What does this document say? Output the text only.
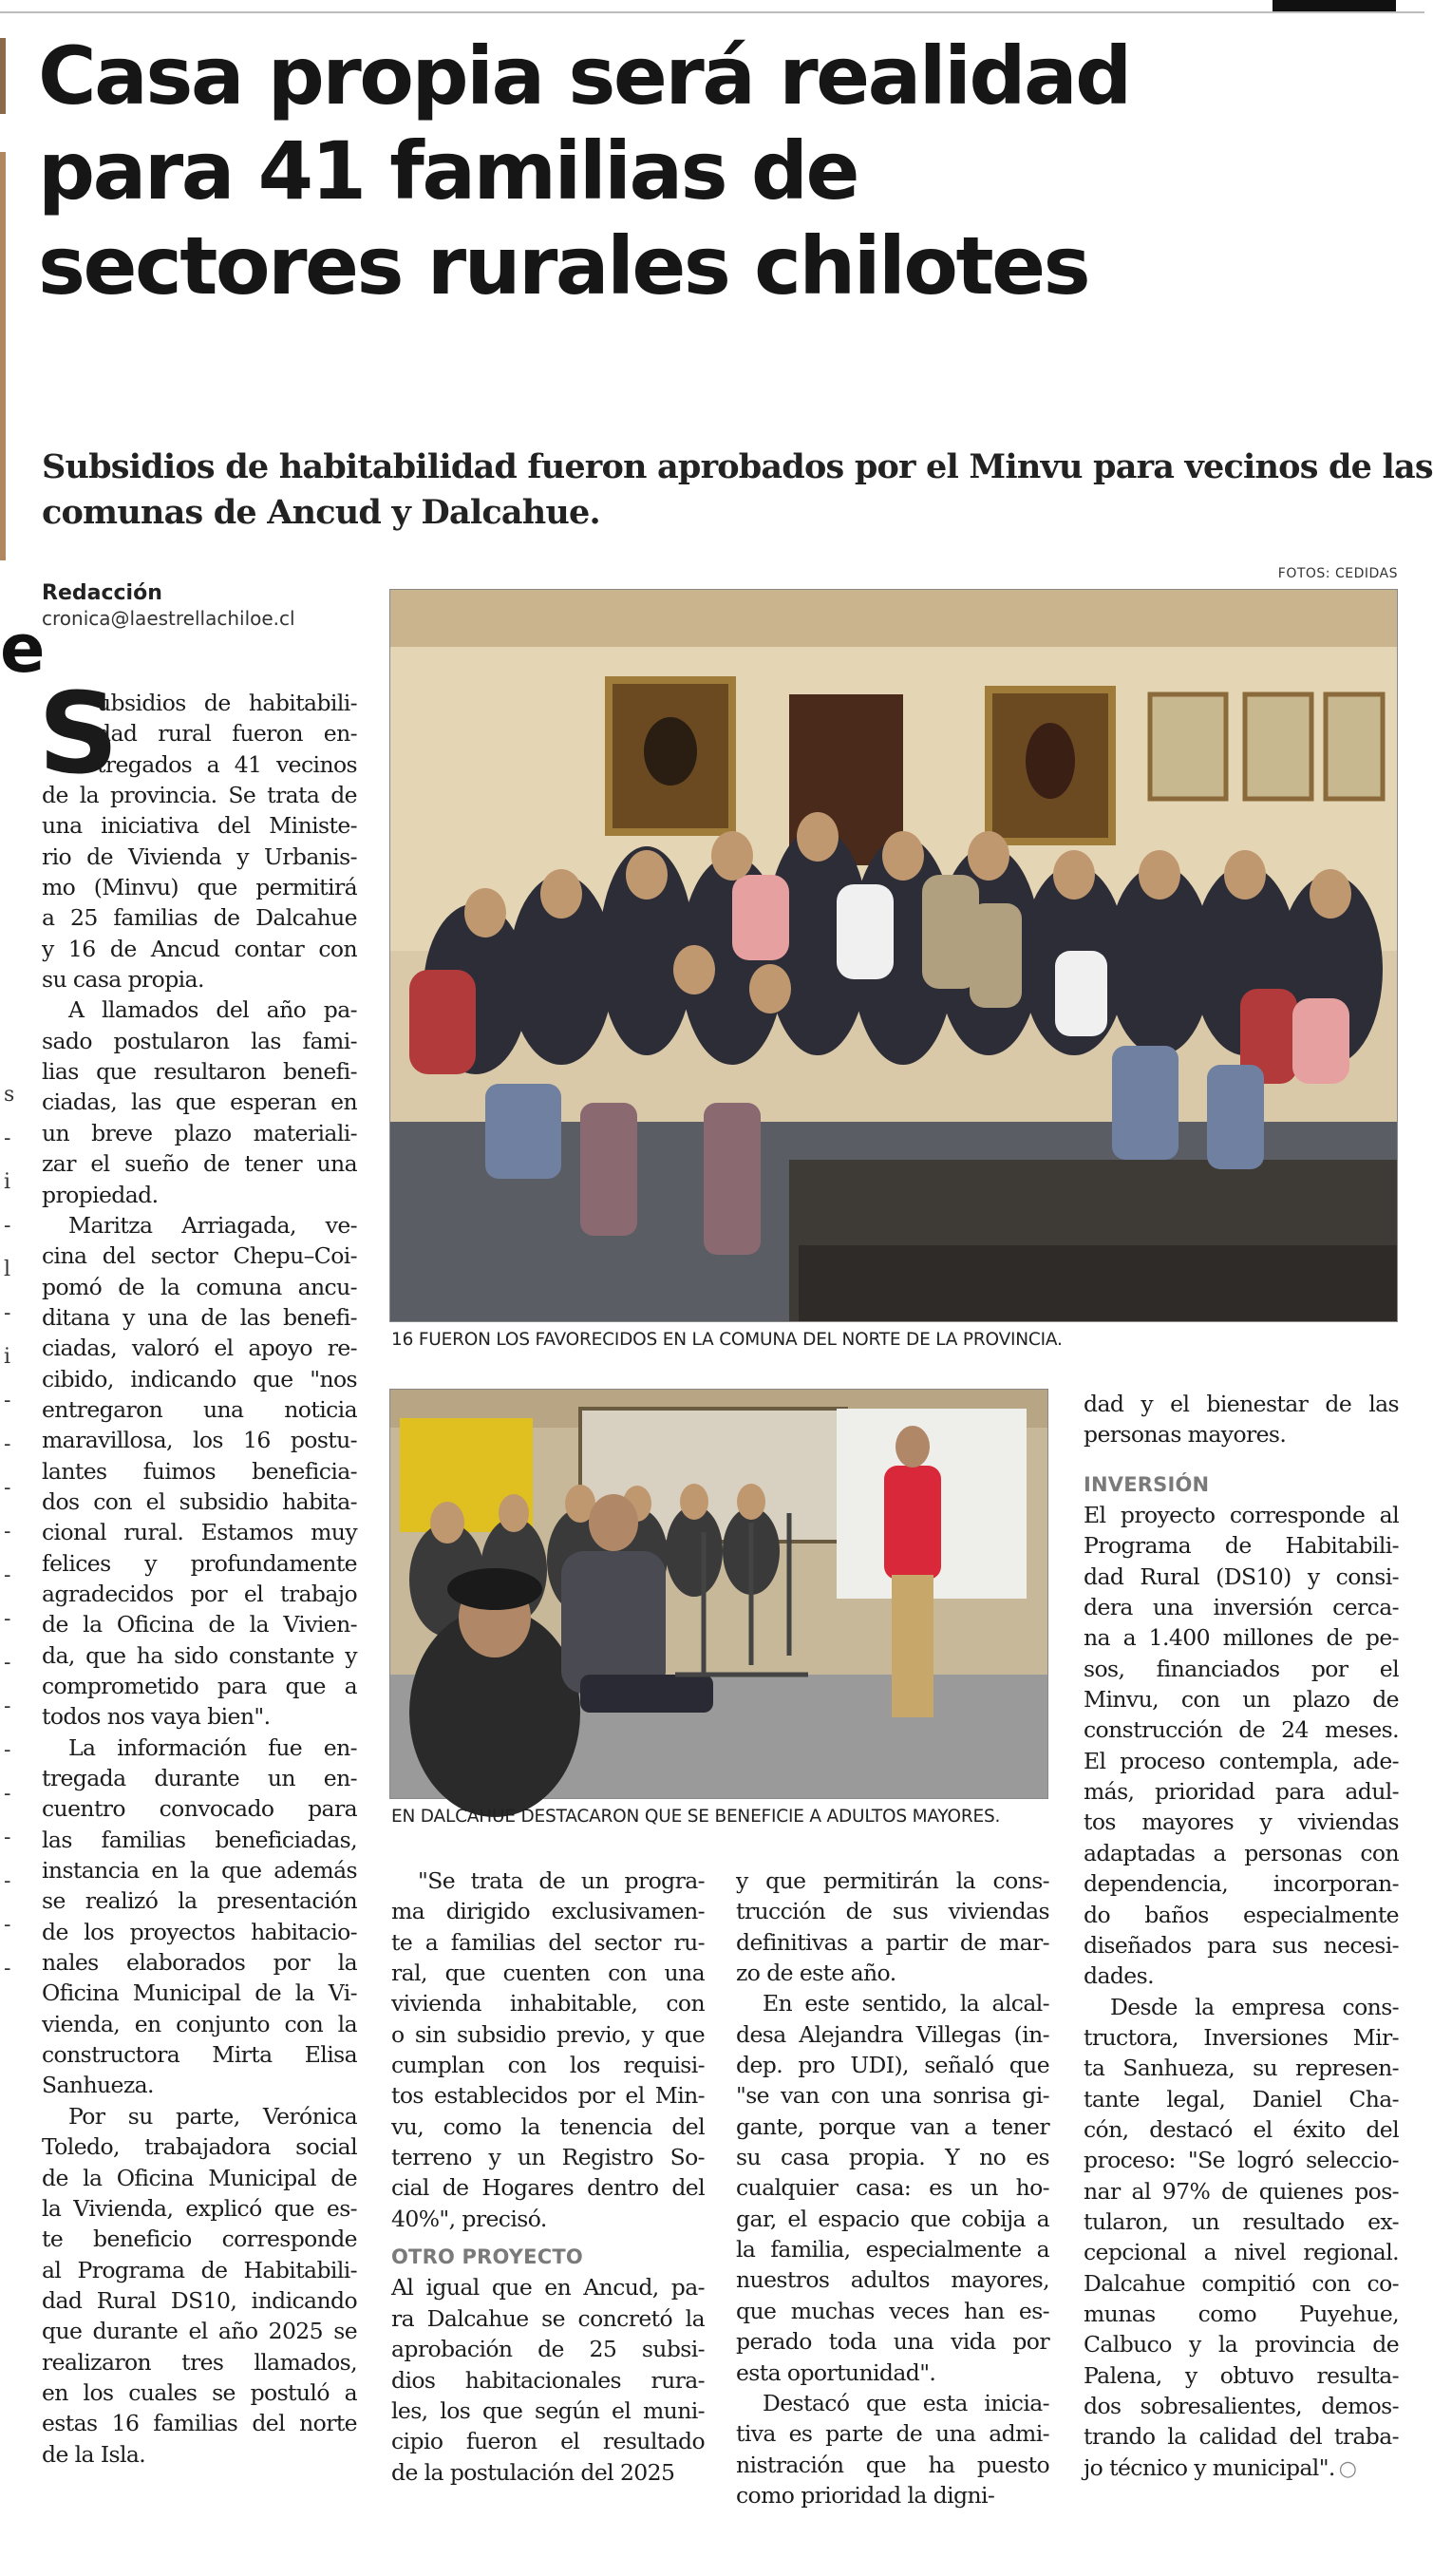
e
s
-
i
-
l
-
i
-
-
-
-
-
-
-
-
-
-
-
-
-
-
Casa propia será realidad
para 41 familias de
sectores rurales chilotes
Subsidios de habitabilidad fueron aprobados por el Minvu para vecinos de las
comunas de Ancud y Dalcahue.
FOTOS: CEDIDAS
Redacción
cronica@laestrellachiloe.cl
16 FUERON LOS FAVORECIDOS EN LA COMUNA DEL NORTE DE LA PROVINCIA.
EN DALCAHUE DESTACARON QUE SE BENEFICIE A ADULTOS MAYORES.
S
ubsidios de habitabili-
dad rural fueron en-
tregados a 41 vecinos
de la provincia. Se trata de
una iniciativa del Ministe-
rio de Vivienda y Urbanis-
mo (Minvu) que permitirá
a 25 familias de Dalcahue
y 16 de Ancud contar con
su casa propia.
A llamados del año pa-
sado postularon las fami-
lias que resultaron benefi-
ciadas, las que esperan en
un breve plazo materiali-
zar el sueño de tener una
propiedad.
Maritza Arriagada, ve-
cina del sector Chepu–Coi-
pomó de la comuna ancu-
ditana y una de las benefi-
ciadas, valoró el apoyo re-
cibido, indicando que "nos
entregaron una noticia
maravillosa, los 16 postu-
lantes fuimos beneficia-
dos con el subsidio habita-
cional rural. Estamos muy
felices y profundamente
agradecidos por el trabajo
de la Oficina de la Vivien-
da, que ha sido constante y
comprometido para que a
todos nos vaya bien".
La información fue en-
tregada durante un en-
cuentro convocado para
las familias beneficiadas,
instancia en la que además
se realizó la presentación
de los proyectos habitacio-
nales elaborados por la
Oficina Municipal de la Vi-
vienda, en conjunto con la
constructora Mirta Elisa
Sanhueza.
Por su parte, Verónica
Toledo, trabajadora social
de la Oficina Municipal de
la Vivienda, explicó que es-
te beneficio corresponde
al Programa de Habitabili-
dad Rural DS10, indicando
que durante el año 2025 se
realizaron tres llamados,
en los cuales se postuló a
estas 16 familias del norte
de la Isla.
"Se trata de un progra-
ma dirigido exclusivamen-
te a familias del sector ru-
ral, que cuenten con una
vivienda inhabitable, con
o sin subsidio previo, y que
cumplan con los requisi-
tos establecidos por el Min-
vu, como la tenencia del
terreno y un Registro So-
cial de Hogares dentro del
40%", precisó.
OTRO PROYECTO
Al igual que en Ancud, pa-
ra Dalcahue se concretó la
aprobación de 25 subsi-
dios habitacionales rura-
les, los que según el muni-
cipio fueron el resultado
de la postulación del 2025
y que permitirán la cons-
trucción de sus viviendas
definitivas a partir de mar-
zo de este año.
En este sentido, la alcal-
desa Alejandra Villegas (in-
dep. pro UDI), señaló que
"se van con una sonrisa gi-
gante, porque van a tener
su casa propia. Y no es
cualquier casa: es un ho-
gar, el espacio que cobija a
la familia, especialmente a
nuestros adultos mayores,
que muchas veces han es-
perado toda una vida por
esta oportunidad".
Destacó que esta inicia-
tiva es parte de una admi-
nistración que ha puesto
como prioridad la digni-
dad y el bienestar de las
personas mayores.
INVERSIÓN
El proyecto corresponde al
Programa de Habitabili-
dad Rural (DS10) y consi-
dera una inversión cerca-
na a 1.400 millones de pe-
sos, financiados por el
Minvu, con un plazo de
construcción de 24 meses.
El proceso contempla, ade-
más, prioridad para adul-
tos mayores y viviendas
adaptadas a personas con
dependencia, incorporan-
do baños especialmente
diseñados para sus necesi-
dades.
Desde la empresa cons-
tructora, Inversiones Mir-
ta Sanhueza, su represen-
tante legal, Daniel Cha-
cón, destacó el éxito del
proceso: "Se logró seleccio-
nar al 97% de quienes pos-
tularon, un resultado ex-
cepcional a nivel regional.
Dalcahue compitió con co-
munas como Puyehue,
Calbuco y la provincia de
Palena, y obtuvo resulta-
dos sobresalientes, demos-
trando la calidad del traba-
jo técnico y municipal". ○
